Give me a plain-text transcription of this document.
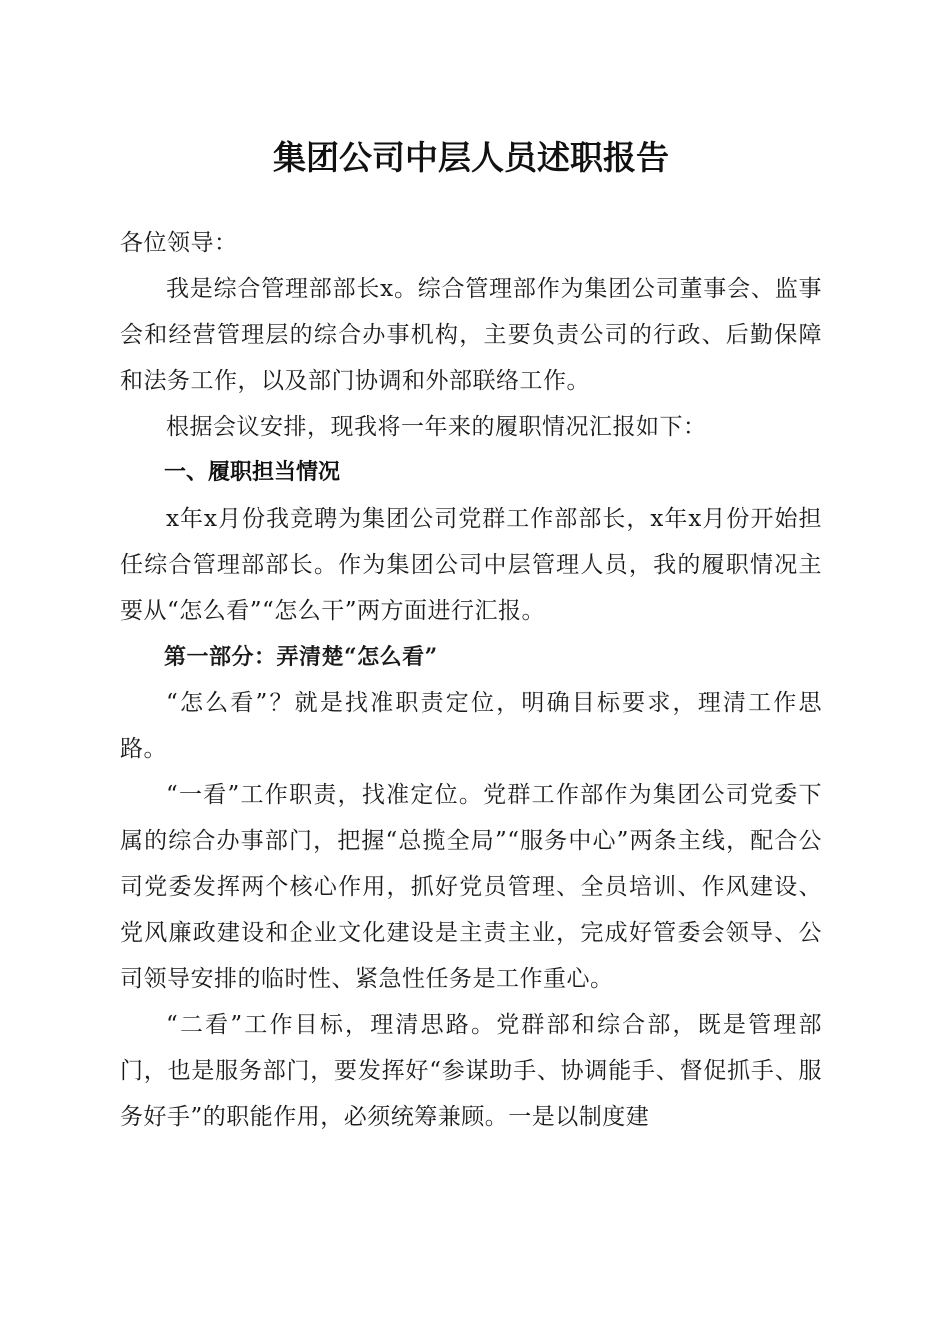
集团公司中层人员述职报告

各位领导：

我是综合管理部部长x。综合管理部作为集团公司董事会、监事会和经营管理层的综合办事机构，主要负责公司的行政、后勤保障和法务工作，以及部门协调和外部联络工作。

根据会议安排，现我将一年来的履职情况汇报如下：

一、履职担当情况

x年x月份我竞聘为集团公司党群工作部部长，x年x月份开始担任综合管理部部长。作为集团公司中层管理人员，我的履职情况主要从“怎么看”“怎么干”两方面进行汇报。

第一部分：弄清楚“怎么看”

“怎么看”？就是找准职责定位，明确目标要求，理清工作思路。

“一看”工作职责，找准定位。党群工作部作为集团公司党委下属的综合办事部门，把握“总揽全局”“服务中心”两条主线，配合公司党委发挥两个核心作用，抓好党员管理、全员培训、作风建设、党风廉政建设和企业文化建设是主责主业，完成好管委会领导、公司领导安排的临时性、紧急性任务是工作重心。

“二看”工作目标，理清思路。党群部和综合部，既是管理部门，也是服务部门，要发挥好“参谋助手、协调能手、督促抓手、服务好手”的职能作用，必须统筹兼顾。一是以制度建
